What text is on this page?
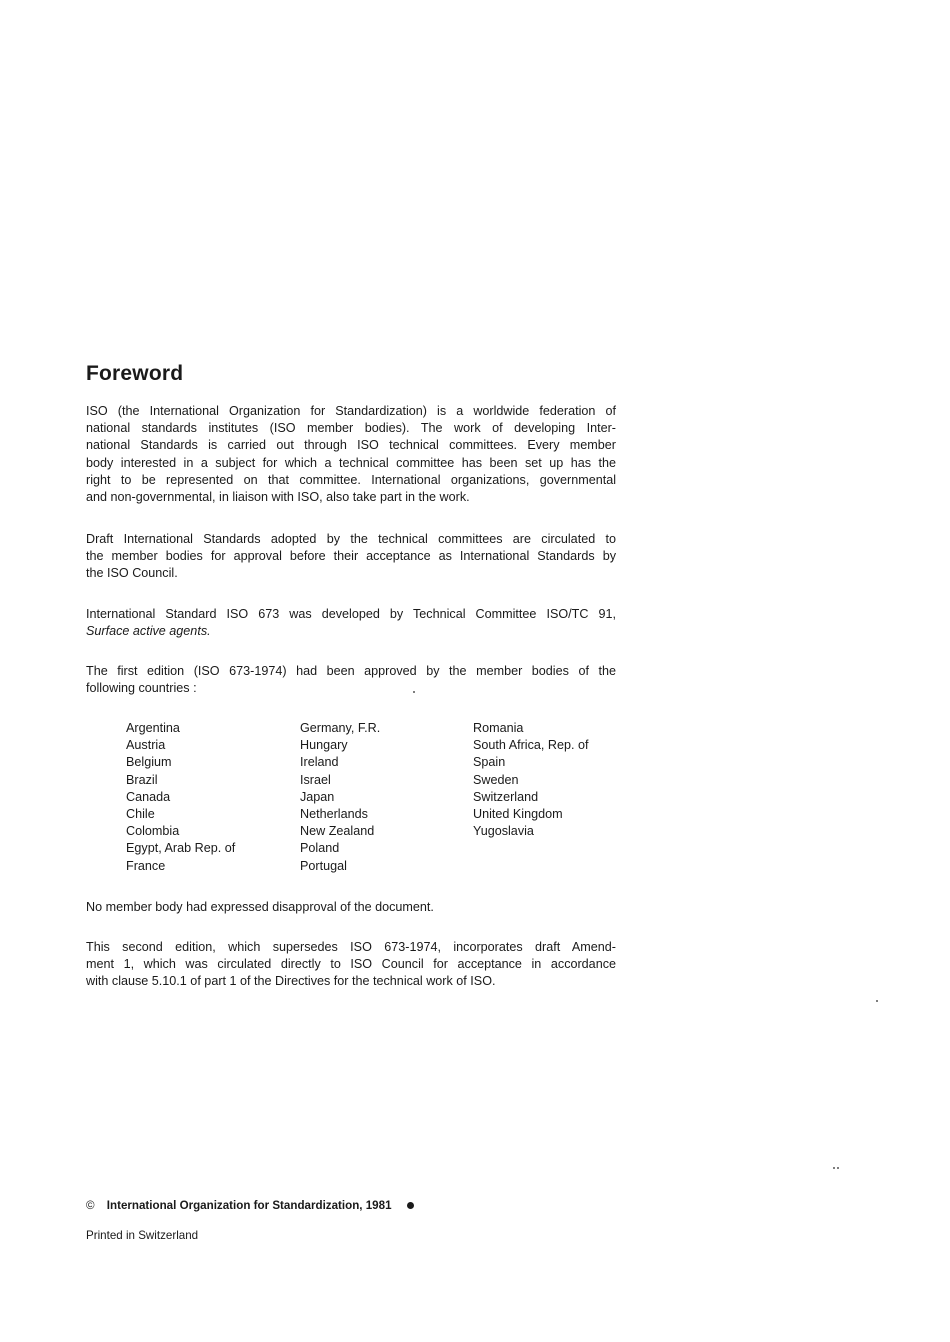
Foreword

ISO (the International Organization for Standardization) is a worldwide federation of
national standards institutes (ISO member bodies). The work of developing Inter-
national Standards is carried out through ISO technical committees. Every member
body interested in a subject for which a technical committee has been set up has the
right to be represented on that committee. International organizations, governmental
and non-governmental, in liaison with ISO, also take part in the work.

Draft International Standards adopted by the technical committees are circulated to
the member bodies for approval before their acceptance as International Standards by
the ISO Council.

International Standard ISO 673 was developed by Technical Committee ISO/TC 91,
Surface active agents.

The first edition (ISO 673-1974) had been approved by the member bodies of the
following countries :

Argentina
Austria
Belgium
Brazil
Canada
Chile
Colombia
Egypt, Arab Rep. of
France
Germany, F.R.
Hungary
Ireland
Israel
Japan
Netherlands
New Zealand
Poland
Portugal
Romania
South Africa, Rep. of
Spain
Sweden
Switzerland
United Kingdom
Yugoslavia

No member body had expressed disapproval of the document.

This second edition, which supersedes ISO 673-1974, incorporates draft Amend-
ment 1, which was circulated directly to ISO Council for acceptance in accordance
with clause 5.10.1 of part 1 of the Directives for the technical work of ISO.

© International Organization for Standardization, 1981
Printed in Switzerland
